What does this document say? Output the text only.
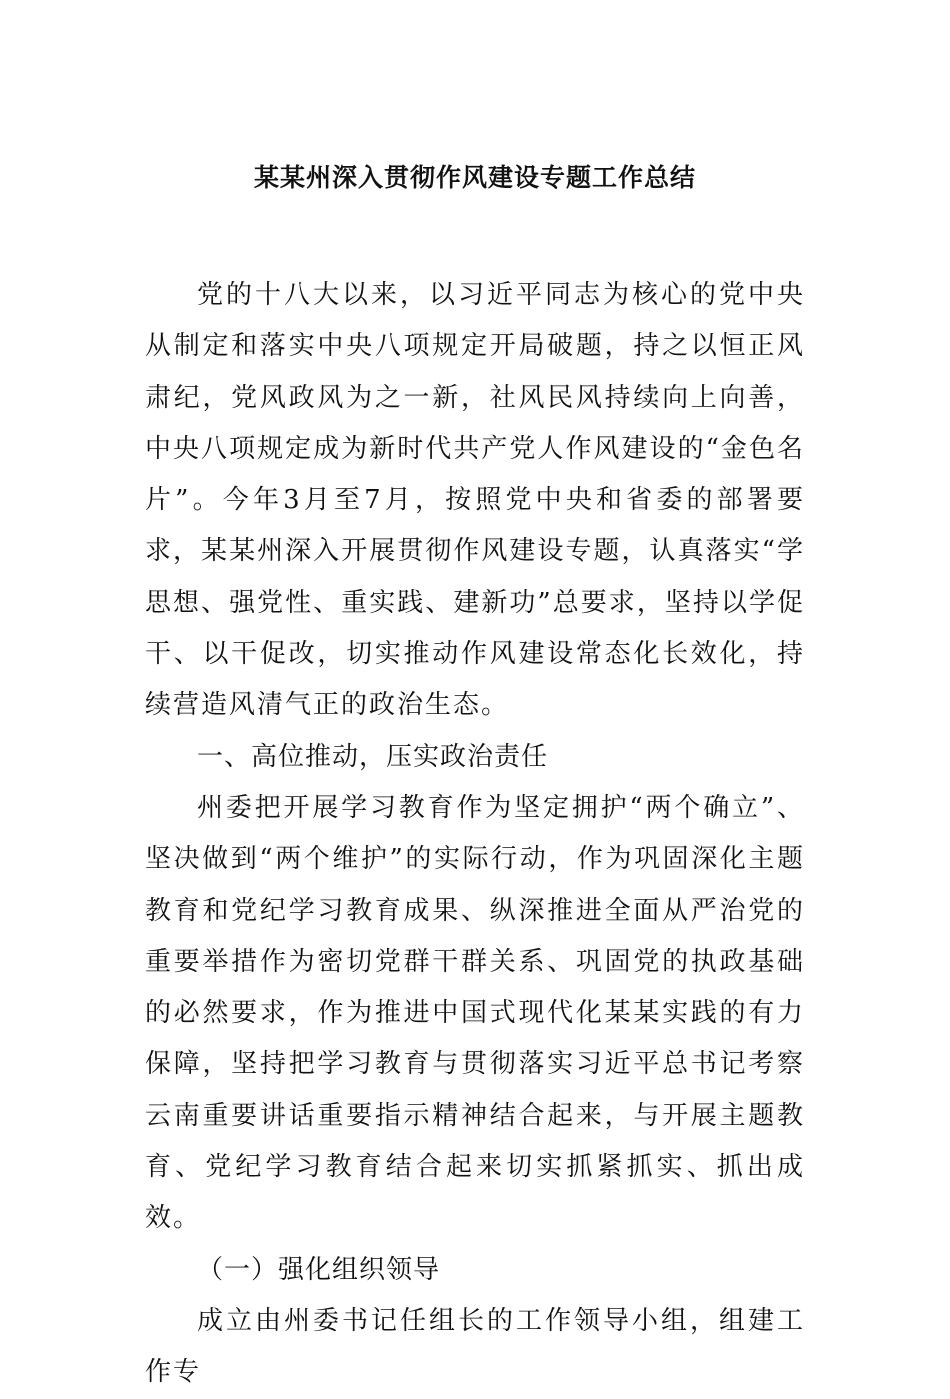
某某州深入贯彻作风建设专题工作总结

党的十八大以来，以习近平同志为核心的党中央从制定和落实中央八项规定开局破题，持之以恒正风肃纪，党风政风为之一新，社风民风持续向上向善，中央八项规定成为新时代共产党人作风建设的“金色名片”。今年3月至7月，按照党中央和省委的部署要求，某某州深入开展贯彻作风建设专题，认真落实“学思想、强党性、重实践、建新功”总要求，坚持以学促干、以干促改，切实推动作风建设常态化长效化，持续营造风清气正的政治生态。

一、高位推动，压实政治责任

州委把开展学习教育作为坚定拥护“两个确立”、坚决做到“两个维护”的实际行动，作为巩固深化主题教育和党纪学习教育成果、纵深推进全面从严治党的重要举措作为密切党群干群关系、巩固党的执政基础的必然要求，作为推进中国式现代化某某实践的有力保障，坚持把学习教育与贯彻落实习近平总书记考察云南重要讲话重要指示精神结合起来，与开展主题教育、党纪学习教育结合起来切实抓紧抓实、抓出成效。

（一）强化组织领导

成立由州委书记任组长的工作领导小组，组建工作专
